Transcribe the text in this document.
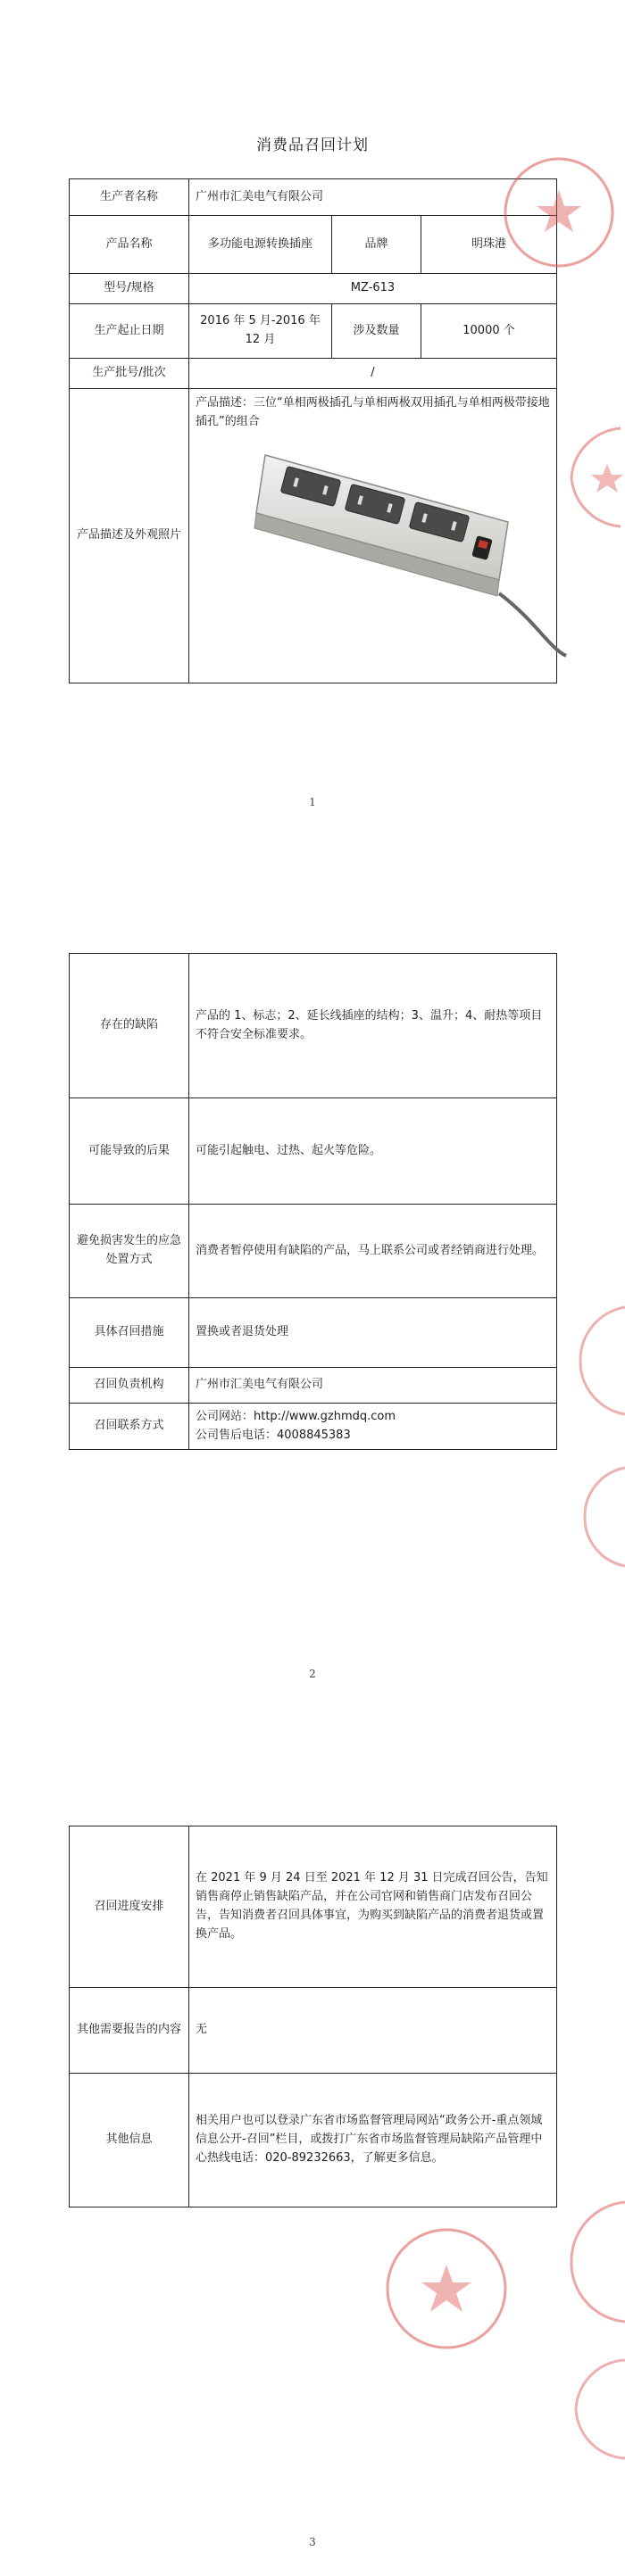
消费品召回计划
生产者名称	广州市汇美电气有限公司		
产品名称	多功能电源转换插座	品牌	明珠港
型号/规格	MZ-613		
生产起止日期	2016 年 5 月-2016 年 12 月	涉及数量	10000 个
生产批号/批次	/		
产品描述及外观照片	产品描述：三位“单相两极插孔与单相两极双用插孔与单相两极带接地插孔”的组合		
1
存在的缺陷	产品的 1、标志；2、延长线插座的结构；3、温升；4、耐热等项目不符合安全标准要求。
可能导致的后果	可能引起触电、过热、起火等危险。
避免损害发生的应急处置方式	消费者暂停使用有缺陷的产品，马上联系公司或者经销商进行处理。
具体召回措施	置换或者退货处理
召回负责机构	广州市汇美电气有限公司
召回联系方式	公司网站：http://www.gzhmdq.com
公司售后电话：4008845383
2
召回进度安排	在 2021 年 9 月 24 日至 2021 年 12 月 31 日完成召回公告，告知销售商停止销售缺陷产品，并在公司官网和销售商门店发布召回公告，告知消费者召回具体事宜，为购买到缺陷产品的消费者退货或置换产品。
其他需要报告的内容	无
其他信息	相关用户也可以登录广东省市场监督管理局网站“政务公开-重点领域信息公开-召回”栏目，或拨打广东省市场监督管理局缺陷产品管理中心热线电话：020-89232663，了解更多信息。
3
